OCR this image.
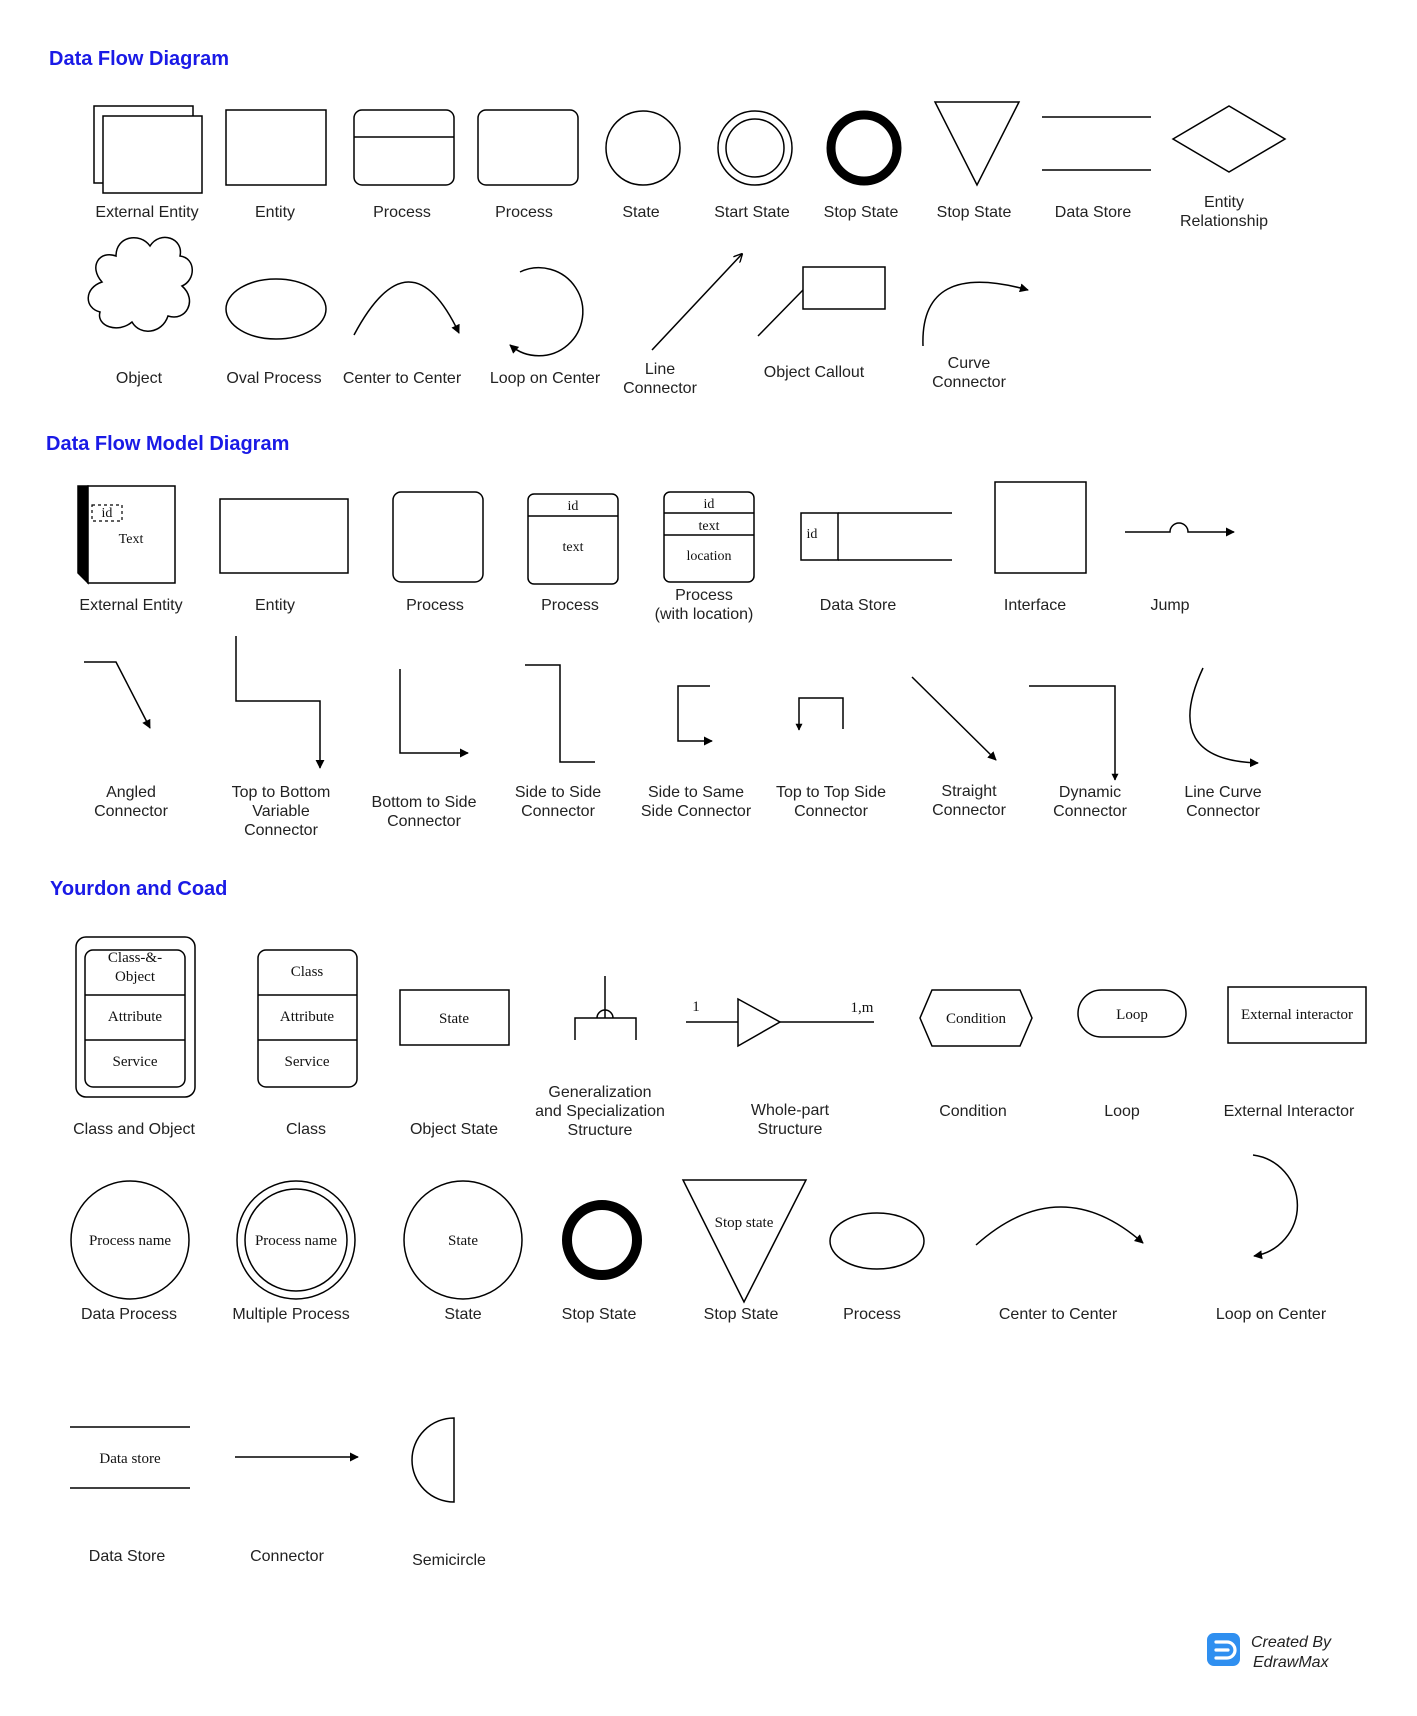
id
Text
id
text
id
text
location
id
Class-&-Object
Attribute
Service
Class
Attribute
Service
State
1	1,m
Condition	Loop	External interactor
Process name	Process name	State
Stop state
Data store
Data Flow Diagram
Data Flow Model Diagram
Yourdon and Coad
External Entity	Entity	Process	Process	State	Start State Stop State Stop State	Data Store
Entity
Relationship
Object	Oval Process Center to Center Loop on Center
Line
Connector
Object Callout
Curve
Connector
External Entity	Entity	Process	Process
Process
(with location)
Data Store	Interface	Jump
Angled
Connector
Top to Bottom
Variable
Connector
Bottom to Side
Connector
Side to Side
Connector
Side to Same
Side Connector
Top to Top Side
Connector
Straight
Connector
Dynamic
Connector
Line Curve
Connector
Class and Object	Class	Object State
Generalization
and Specialization
Structure
Whole-part
Structure
Condition	Loop	External Interactor
Data Process	Multiple Process	State	Stop State	Stop State	Process	Center to Center	Loop on Center
Data Store	Connector	Semicircle
Created By
EdrawMax
